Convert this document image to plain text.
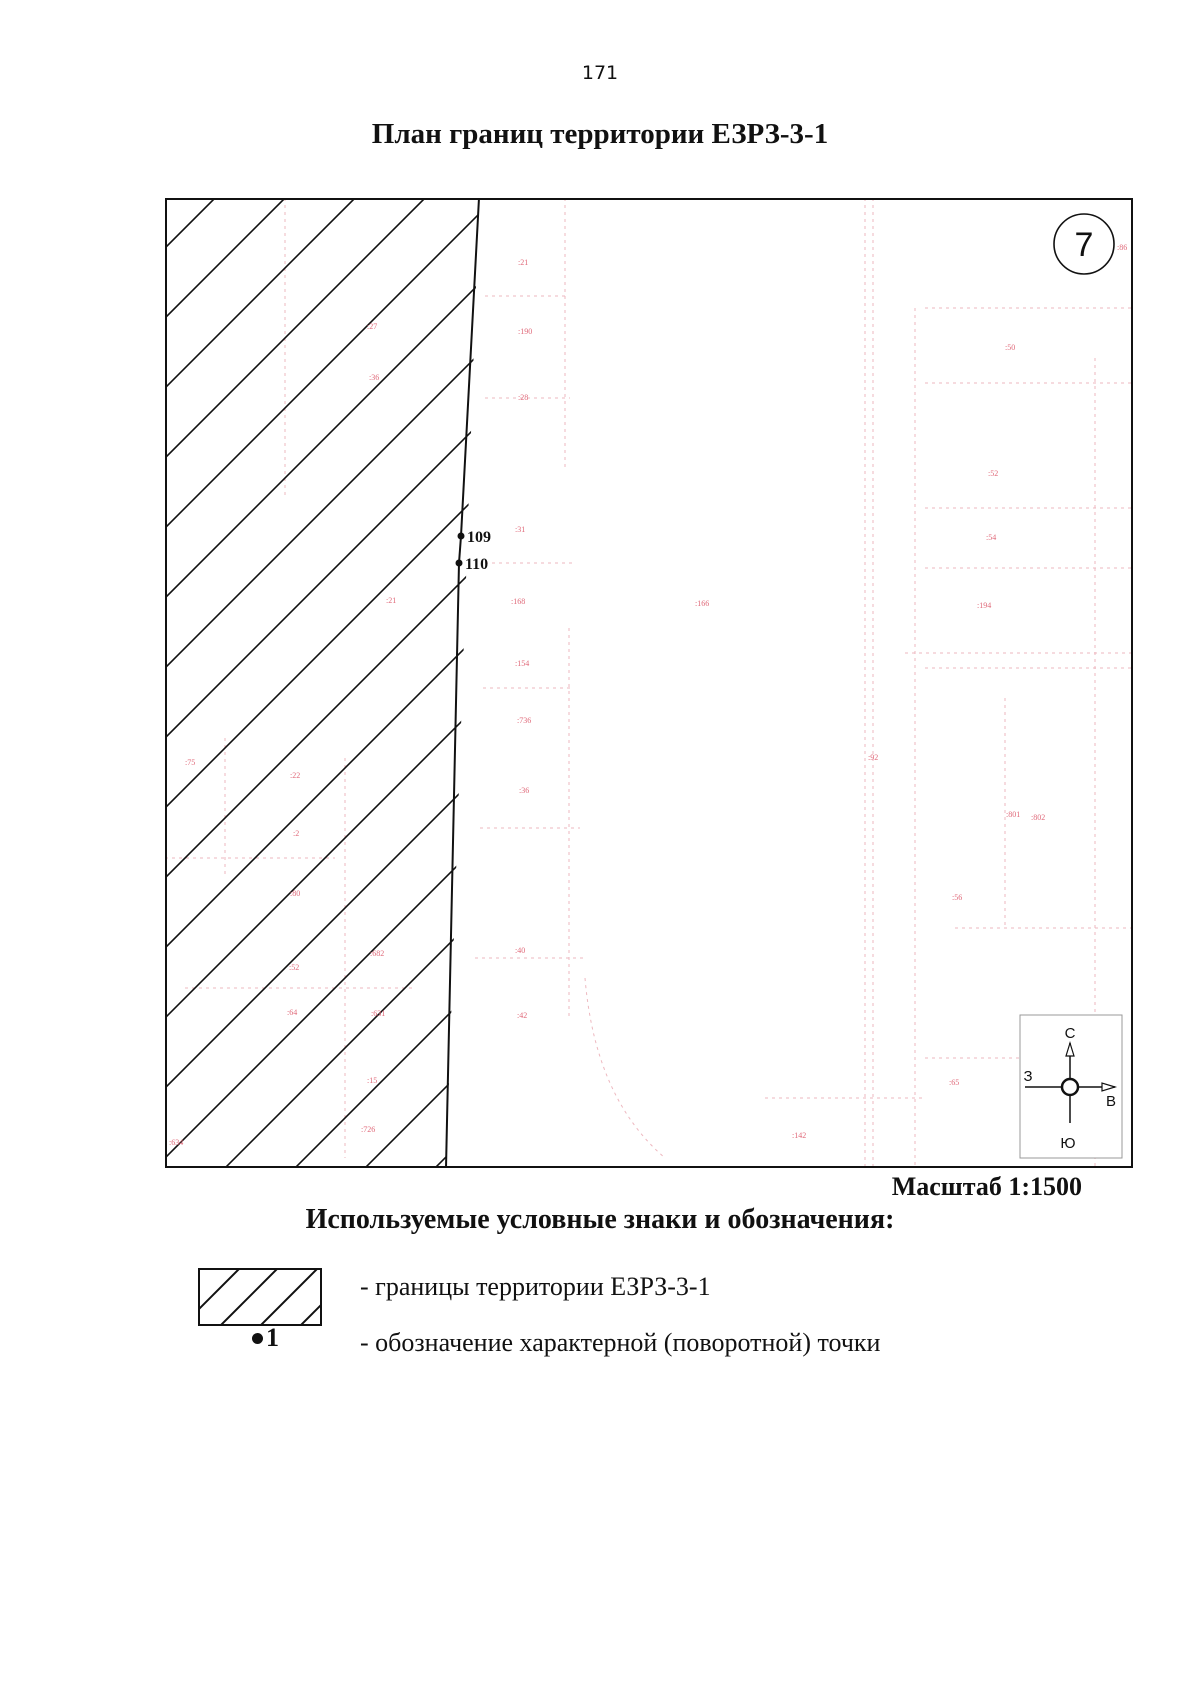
171
План границ территории ЕЗРЗ-3-1
109
110
:21
:190
:28
:31
:168
:154
:736
:36
:40
:42
:166
:92
:50
:52
:54
:194
:801 :802
:56
:65
:142
:27
:36
:21
:75
:22
:2
:80
:52
:64
:682
:631
:15
:726
:634
:86
7
С
Ю
В
З
Масштаб 1:1500
Используемые условные знаки и обозначения:
- границы территории ЕЗРЗ-3-1
1	- обозначение характерной (поворотной) точки
